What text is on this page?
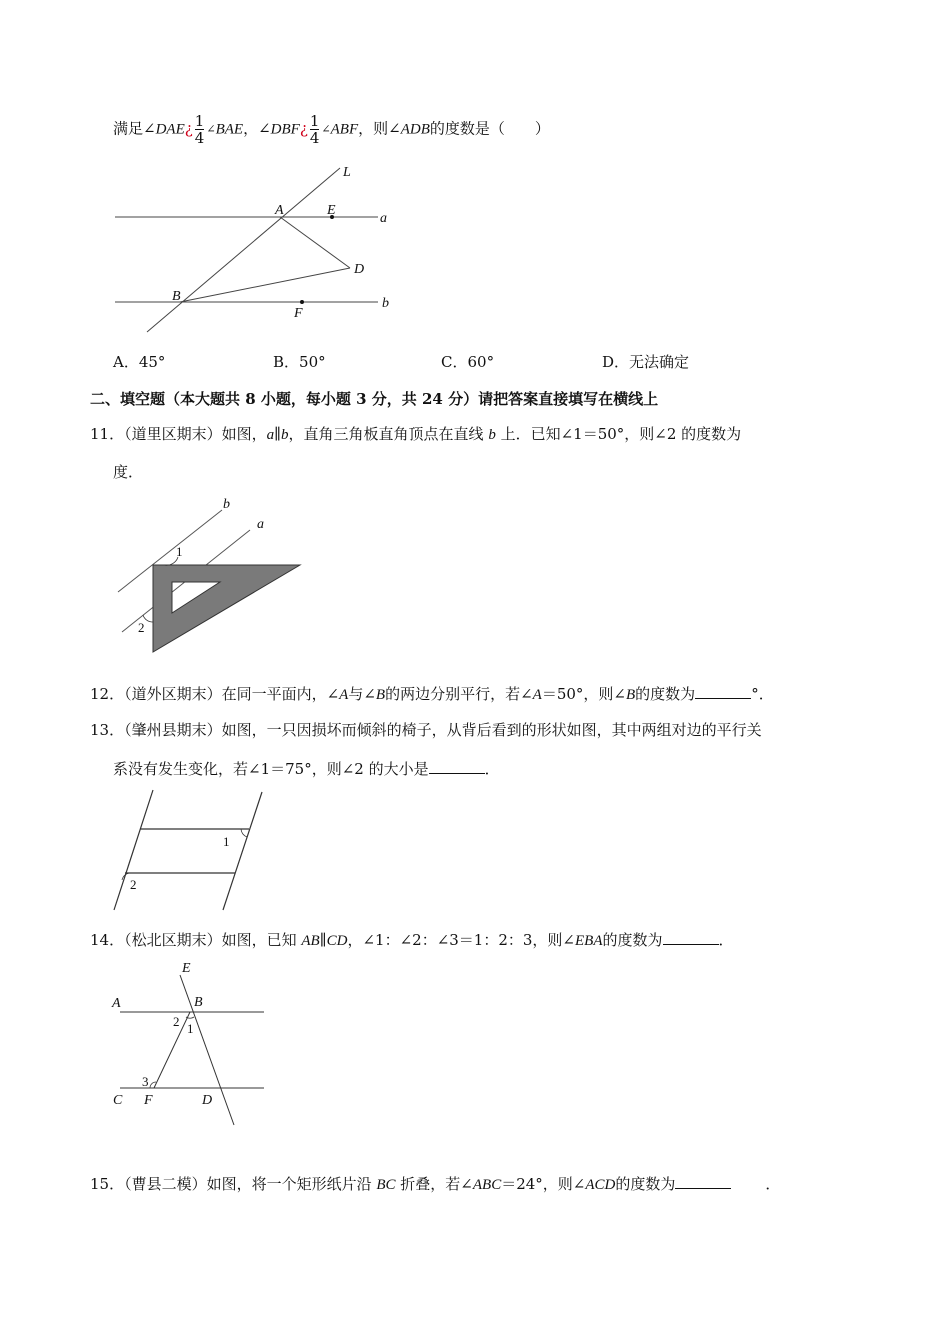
满足∠DAE¿ $\frac{1}{4}$ ∠BAE，∠DBF¿ $\frac{1}{4}$ ∠ABF，则∠ADB的度数是（　　）
L
A	E
a
D
B
F
b
A．45°	B．50°	C．60°	D．无法确定
二、填空题（本大题共 8 小题，每小题 3 分，共 24 分）请把答案直接填写在横线上
11．（道里区期末）如图，a∥b，直角三角板直角顶点在直线 b 上．已知∠1＝50°，则∠2 的度数为
度．
b
a
1
2
12．（道外区期末）在同一平面内，∠A与∠B的两边分别平行，若∠A＝50°，则∠B的度数为	°．
13．（肇州县期末）如图，一只因损坏而倾斜的椅子，从背后看到的形状如图，其中两组对边的平行关
系没有发生变化，若∠1＝75°，则∠2 的大小是	．
1
2
14．（松北区期末）如图，已知 AB∥CD，∠1：∠2：∠3＝1：2：3，则∠EBA的度数为	．
E
A	B
2 1
3
C F	D
15．（曹县二模）如图，将一个矩形纸片沿 BC 折叠，若∠ABC＝24°，则∠ACD的度数为	．
